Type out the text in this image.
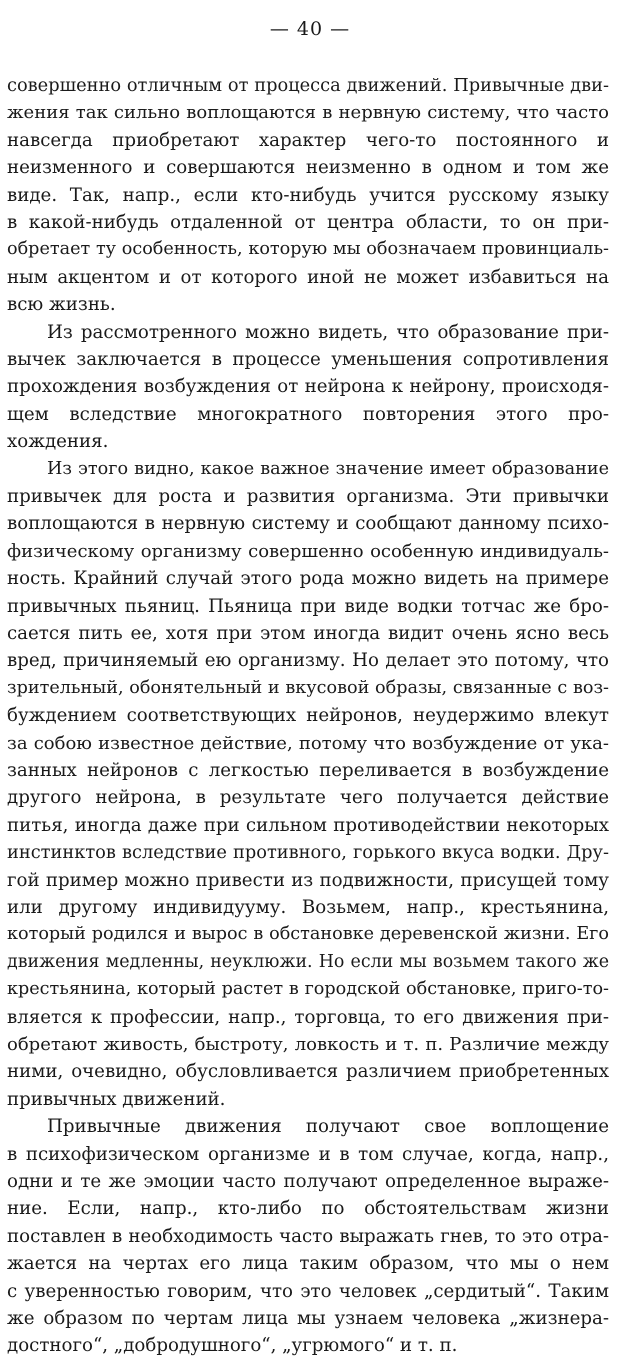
— 40 —
совершенно отличным от процесса движений. Привычные дви-
жения так сильно воплощаются в нервную систему, что часто
навсегда приобретают характер чего-то постоянного и
неизменного и совершаются неизменно в одном и том же
виде. Так, напр., если кто-нибудь учится русскому языку
в какой-нибудь отдаленной от центра области, то он при-
обретает ту особенность, которую мы обозначаем провинциаль-
ным акцентом и от которого иной не может избавиться на
всю жизнь.
Из рассмотренного можно видеть, что образование при-
вычек заключается в процессе уменьшения сопротивления
прохождения возбуждения от нейрона к нейрону, происходя-
щем вследствие многократного повторения этого про-
хождения.
Из этого видно, какое важное значение имеет образование
привычек для роста и развития организма. Эти привычки
воплощаются в нервную систему и сообщают данному психо-
физическому организму совершенно особенную индивидуаль-
ность. Крайний случай этого рода можно видеть на примере
привычных пьяниц. Пьяница при виде водки тотчас же бро-
сается пить ее, хотя при этом иногда видит очень ясно весь
вред, причиняемый ею организму. Но делает это потому, что
зрительный, обонятельный и вкусовой образы, связанные с воз-
буждением соответствующих нейронов, неудержимо влекут
за собою известное действие, потому что возбуждение от ука-
занных нейронов с легкостью переливается в возбуждение
другого нейрона, в результате чего получается действие
питья, иногда даже при сильном противодействии некоторых
инстинктов вследствие противного, горького вкуса водки. Дру-
гой пример можно привести из подвижности, присущей тому
или другому индивидууму. Возьмем, напр., крестьянина,
который родился и вырос в обстановке деревенской жизни. Его
движения медленны, неуклюжи. Но если мы возьмем такого же
крестьянина, который растет в городской обстановке, приго-то-
вляется к профессии, напр., торговца, то его движения при-
обретают живость, быстроту, ловкость и т. п. Различие между
ними, очевидно, обусловливается различием приобретенных
привычных движений.
Привычные движения получают свое воплощение
в психофизическом организме и в том случае, когда, напр.,
одни и те же эмоции часто получают определенное выраже-
ние. Если, напр., кто-либо по обстоятельствам жизни
поставлен в необходимость часто выражать гнев, то это отра-
жается на чертах его лица таким образом, что мы о нем
с уверенностью говорим, что это человек „сердитый“. Таким
же образом по чертам лица мы узнаем человека „жизнера-
достного“, „добродушного“, „угрюмого“ и т. п.
